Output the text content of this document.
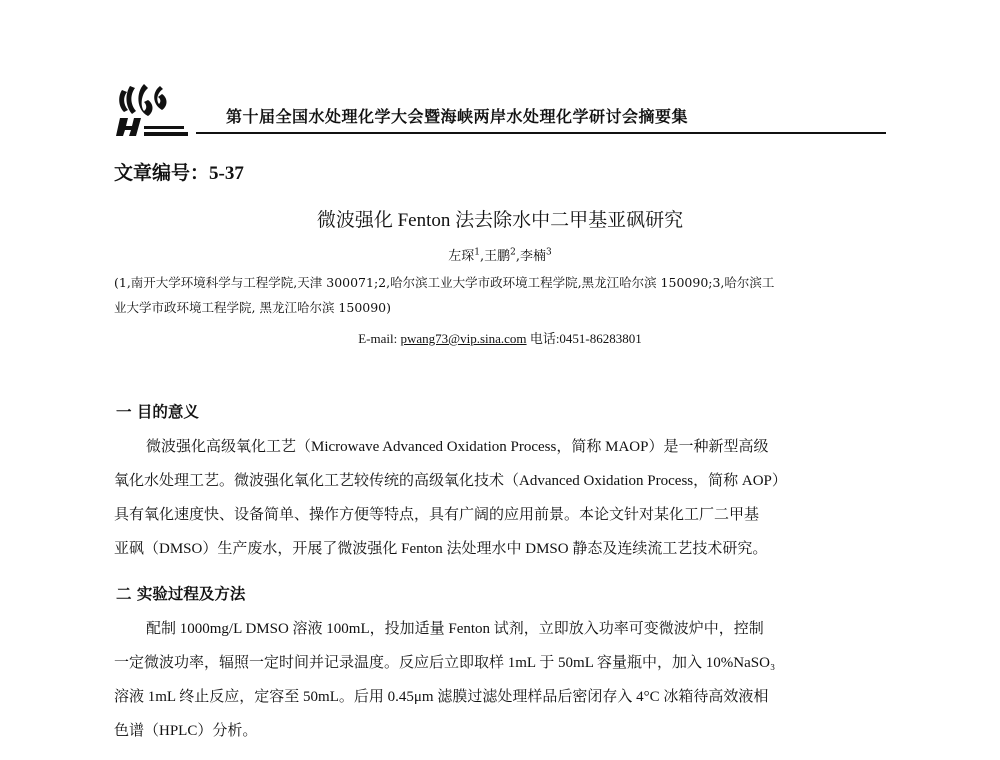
第十届全国水处理化学大会暨海峡两岸水处理化学研讨会摘要集
文章编号：5-37
微波强化 Fenton 法去除水中二甲基亚砜研究
左琛$^1$,王鹏$^2$,李楠$^3$
(1,南开大学环境科学与工程学院,天津 300071;2,哈尔滨工业大学市政环境工程学院,黑龙江哈尔滨 150090;3,哈尔滨工
业大学市政环境工程学院, 黑龙江哈尔滨 150090)
E-mail: pwang73@vip.sina.com 电话:0451-86283801
一 目的意义
微波强化高级氧化工艺（Microwave Advanced Oxidation Process，简称 MAOP）是一种新型高级
氧化水处理工艺。微波强化氧化工艺较传统的高级氧化技术（Advanced Oxidation Process，简称 AOP）
具有氧化速度快、设备简单、操作方便等特点，具有广阔的应用前景。本论文针对某化工厂二甲基
亚砜（DMSO）生产废水，开展了微波强化 Fenton 法处理水中 DMSO 静态及连续流工艺技术研究。
二 实验过程及方法
配制 1000mg/L DMSO 溶液 100mL，投加适量 Fenton 试剂，立即放入功率可变微波炉中，控制
一定微波功率，辐照一定时间并记录温度。反应后立即取样 1mL 于 50mL 容量瓶中，加入 10%NaSO₃
溶液 1mL 终止反应，定容至 50mL。后用 0.45μm 滤膜过滤处理样品后密闭存入 4°C 冰箱待高效液相
色谱（HPLC）分析。
